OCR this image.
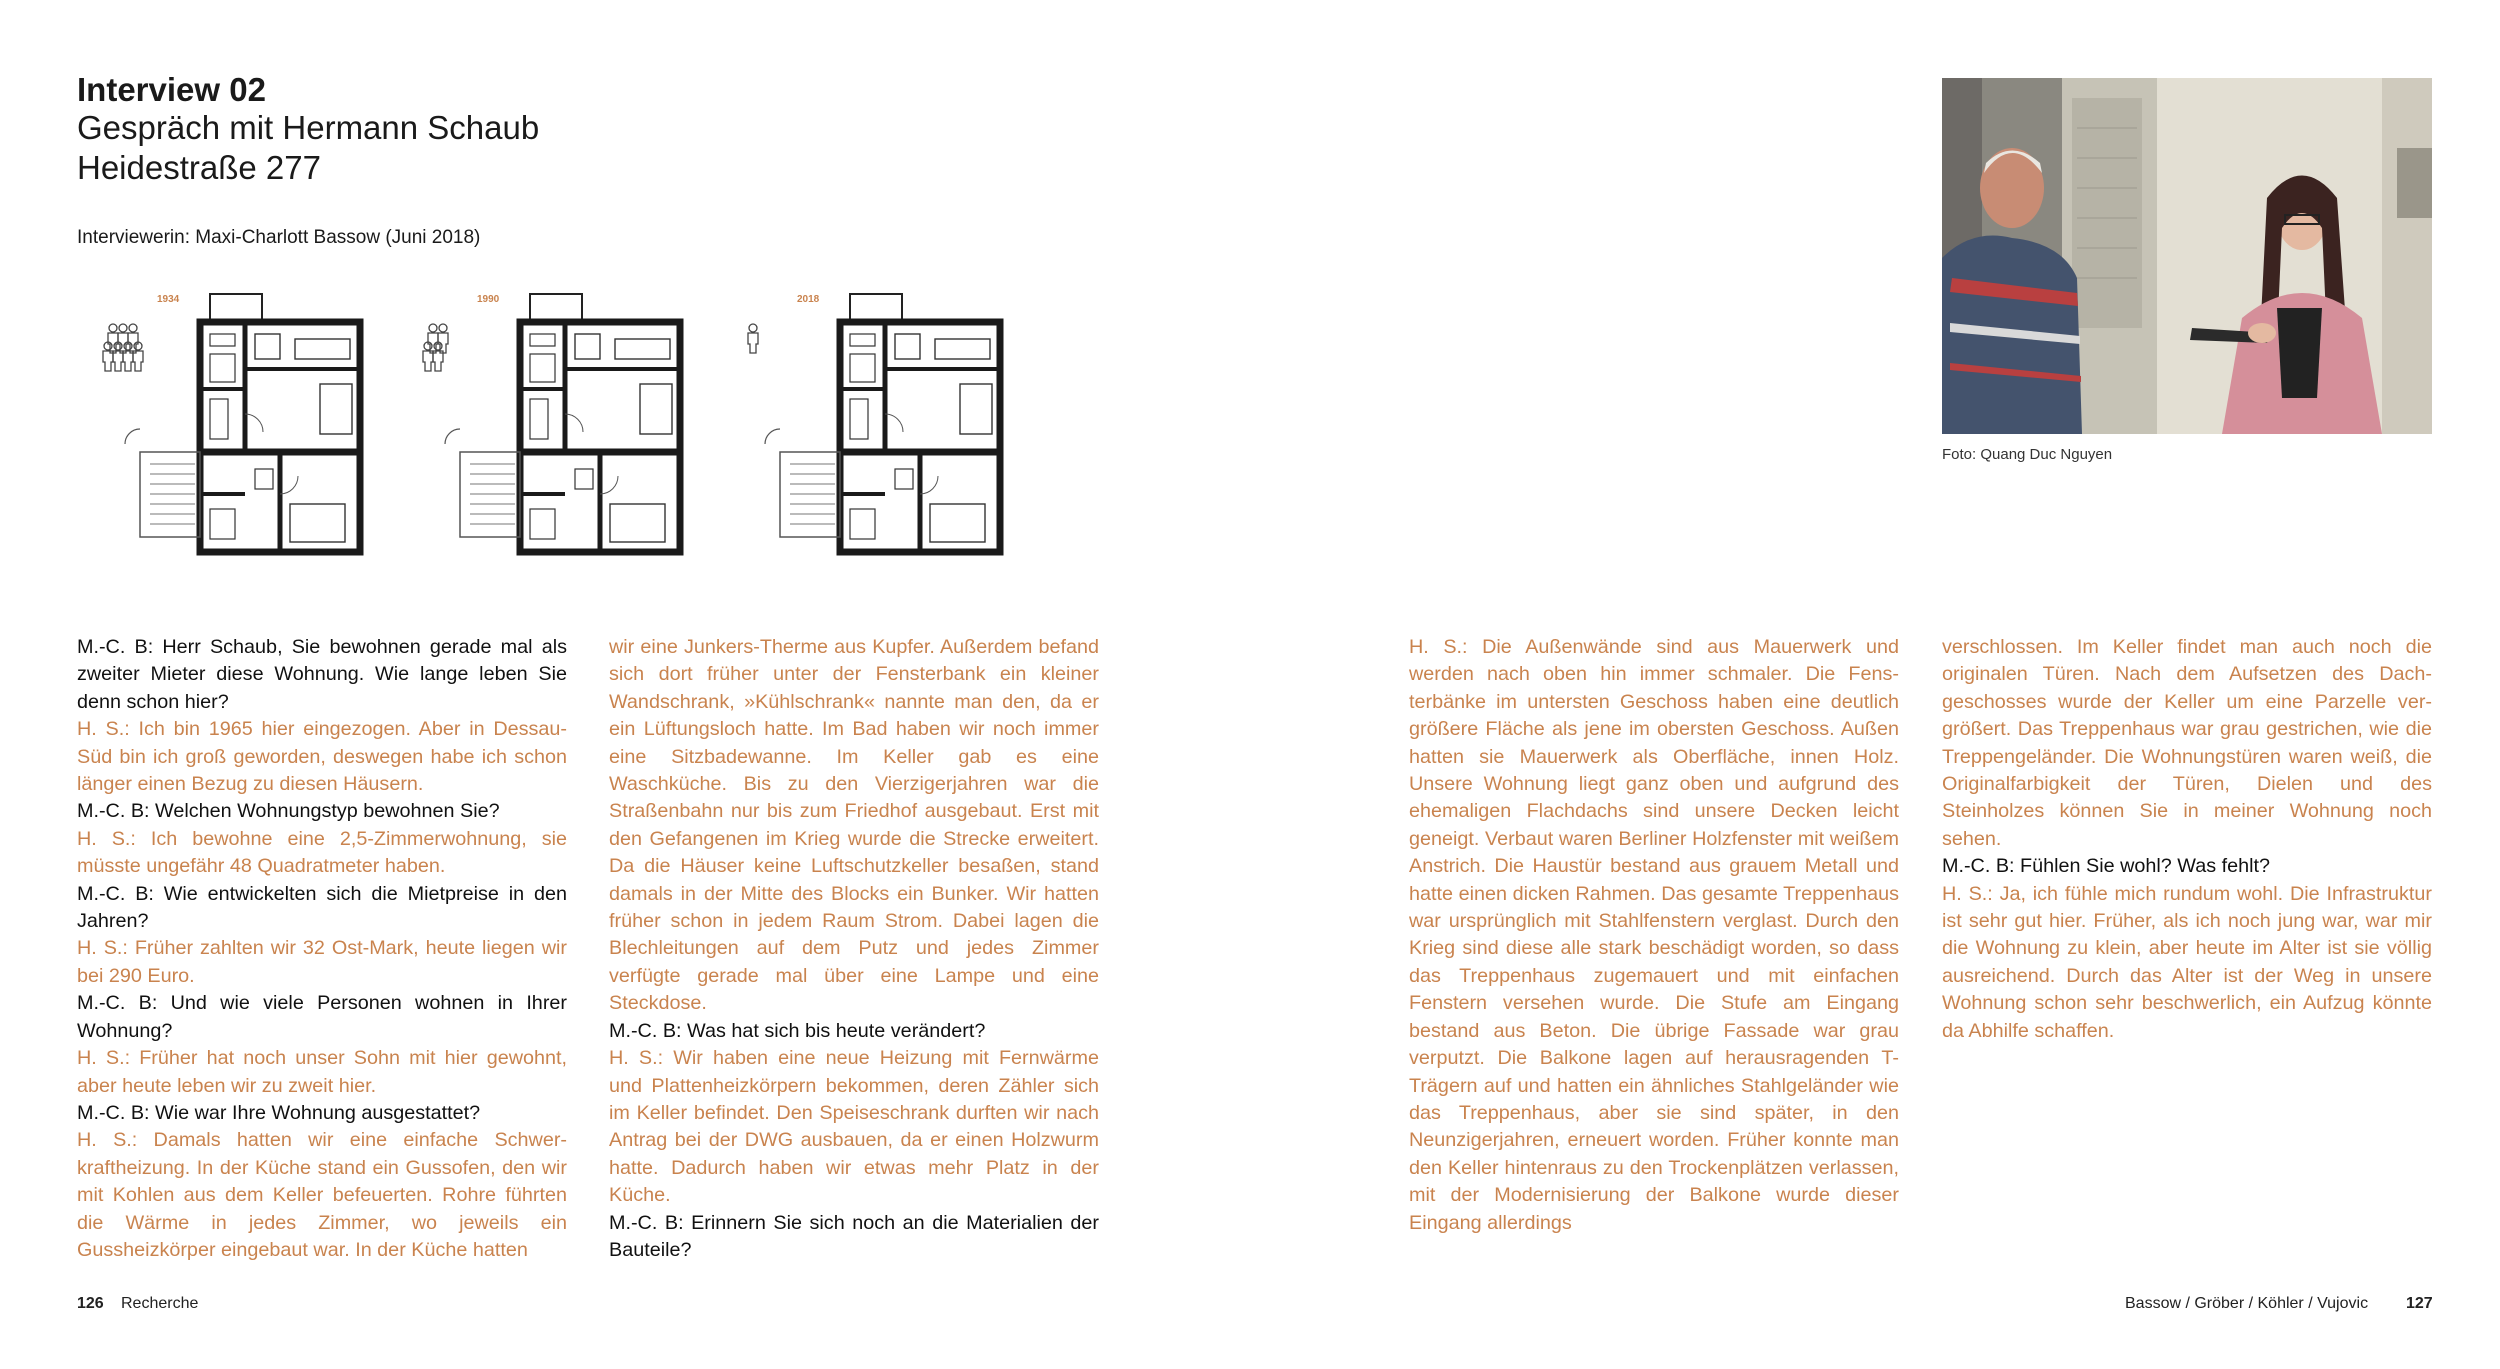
Interview 02
Gespräch mit Hermann Schaub
Heidestraße 277
Interviewerin: Maxi-Charlott Bassow (Juni 2018)
1934	1990	2018
Foto: Quang Duc Nguyen

M.-C. B: Herr Schaub, Sie bewohnen gerade mal als zweiter Mieter diese Wohnung. Wie lange leben Sie denn schon hier?

H. S.: Ich bin 1965 hier eingezogen. Aber in Dessau-Süd bin ich groß geworden, deswegen habe ich schon länger einen Bezug zu diesen Häusern.

M.-C. B: Welchen Wohnungstyp bewohnen Sie?

H. S.: Ich bewohne eine 2,5-Zimmerwohnung, sie müsste ungefähr 48 Quadratmeter haben.

M.-C. B: Wie entwickelten sich die Mietpreise in den Jahren?

H. S.: Früher zahlten wir 32 Ost-Mark, heute liegen wir bei 290 Euro.

M.-C. B: Und wie viele Personen wohnen in Ihrer Wohnung?

H. S.: Früher hat noch unser Sohn mit hier gewohnt, aber heute leben wir zu zweit hier.

M.-C. B: Wie war Ihre Wohnung ausgestattet?

H. S.: Damals hatten wir eine einfache Schwerkraftheizung. In der Küche stand ein Gussofen, den wir mit Kohlen aus dem Keller befeuerten. Rohre führten die Wärme in jedes Zimmer, wo jeweils ein Gussheizkörper eingebaut war. In der Küche hatten

wir eine Junkers-Therme aus Kupfer. Außerdem befand sich dort früher unter der Fensterbank ein kleiner Wandschrank, »Kühlschrank« nannte man den, da er ein Lüftungsloch hatte. Im Bad haben wir noch immer eine Sitzbadewanne. Im Keller gab es eine Waschküche. Bis zu den Vierzigerjahren war die Straßenbahn nur bis zum Friedhof ausgebaut. Erst mit den Gefangenen im Krieg wurde die Strecke erweitert. Da die Häuser keine Luftschutzkeller besaßen, stand damals in der Mitte des Blocks ein Bunker. Wir hatten früher schon in jedem Raum Strom. Dabei lagen die Blechleitungen auf dem Putz und jedes Zimmer verfügte gerade mal über eine Lampe und eine Steckdose.

M.-C. B: Was hat sich bis heute verändert?

H. S.: Wir haben eine neue Heizung mit Fernwärme und Plattenheizkörpern bekommen, deren Zähler sich im Keller befindet. Den Speiseschrank durften wir nach Antrag bei der DWG ausbauen, da er einen Holzwurm hatte. Dadurch haben wir etwas mehr Platz in der Küche.

M.-C. B: Erinnern Sie sich noch an die Materialien der Bauteile?

H. S.: Die Außenwände sind aus Mauerwerk und werden nach oben hin immer schmaler. Die Fensterbänke im untersten Geschoss haben eine deutlich größere Fläche als jene im obersten Geschoss. Außen hatten sie Mauerwerk als Oberfläche, innen Holz. Unsere Wohnung liegt ganz oben und aufgrund des ehemaligen Flachdachs sind unsere Decken leicht geneigt. Verbaut waren Berliner Holzfenster mit weißem Anstrich. Die Haustür bestand aus grauem Metall und hatte einen dicken Rahmen. Das gesamte Treppenhaus war ursprünglich mit Stahlfenstern verglast. Durch den Krieg sind diese alle stark beschädigt worden, so dass das Treppenhaus zugemauert und mit einfachen Fenstern versehen wurde. Die Stufe am Eingang bestand aus Beton. Die übrige Fassade war grau verputzt. Die Balkone lagen auf herausragenden T-Trägern auf und hatten ein ähnliches Stahlgeländer wie das Treppenhaus, aber sie sind später, in den Neunzigerjahren, erneuert worden. Früher konnte man den Keller hintenraus zu den Trockenplätzen verlassen, mit der Modernisierung der Balkone wurde dieser Eingang allerdings

verschlossen. Im Keller findet man auch noch die originalen Türen. Nach dem Aufsetzen des Dachgeschosses wurde der Keller um eine Parzelle vergrößert. Das Treppenhaus war grau gestrichen, wie die Treppengeländer. Die Wohnungstüren waren weiß, die Originalfarbigkeit der Türen, Dielen und des Steinholzes können Sie in meiner Wohnung noch sehen.

M.-C. B: Fühlen Sie wohl? Was fehlt?

H. S.: Ja, ich fühle mich rundum wohl. Die Infrastruktur ist sehr gut hier. Früher, als ich noch jung war, war mir die Wohnung zu klein, aber heute im Alter ist sie völlig ausreichend. Durch das Alter ist der Weg in unsere Wohnung schon sehr beschwerlich, ein Aufzug könnte da Abhilfe schaffen.

126 Recherche	Bassow / Gröber / Köhler / Vujovic 127
